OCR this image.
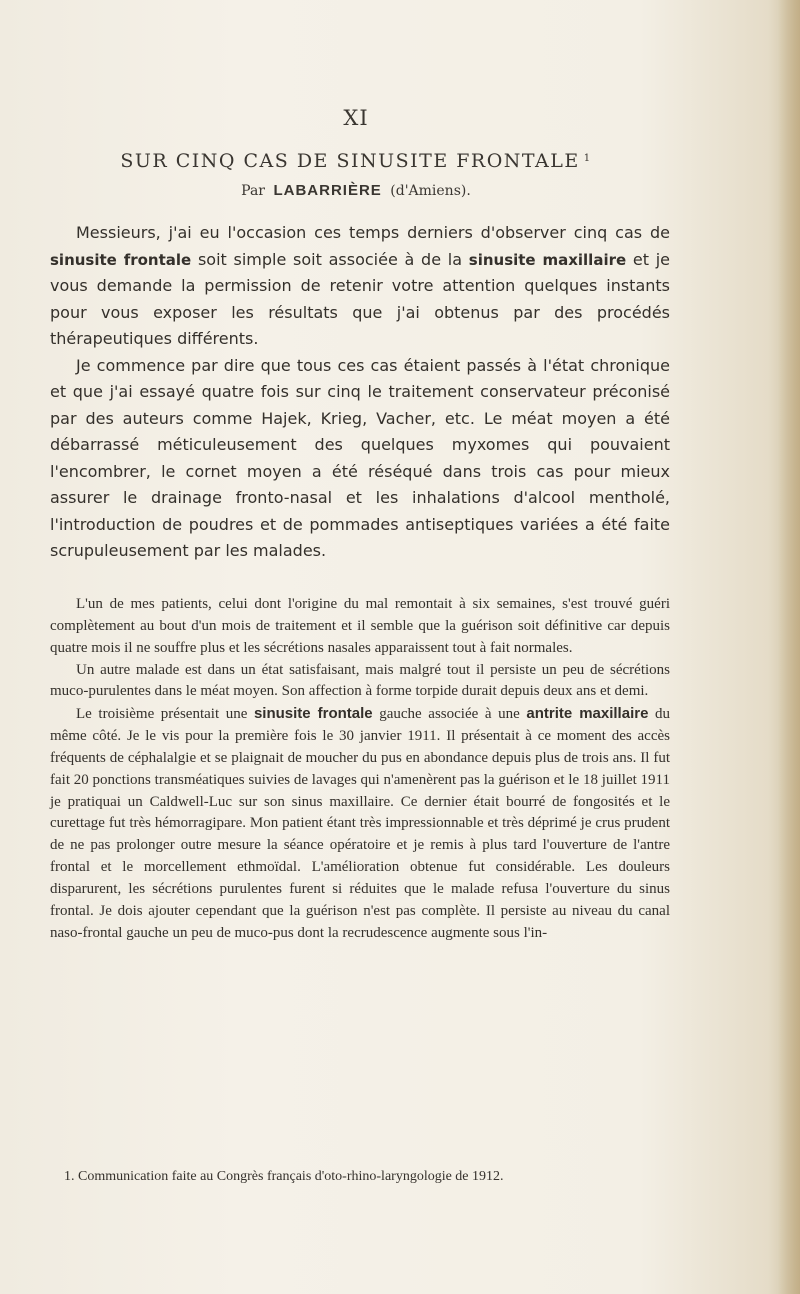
XI
SUR CINQ CAS DE SINUSITE FRONTALE $^1$
Par LABARRIÈRE (d'Amiens).

Messieurs, j'ai eu l'occasion ces temps derniers d'observer cinq cas de sinusite frontale soit simple soit associée à de la sinusite maxillaire et je vous demande la permission de retenir votre attention quelques instants pour vous exposer les résultats que j'ai obtenus par des procédés thérapeutiques différents.

Je commence par dire que tous ces cas étaient passés à l'état chronique et que j'ai essayé quatre fois sur cinq le traitement conservateur préconisé par des auteurs comme Hajek, Krieg, Vacher, etc. Le méat moyen a été débarrassé méticuleusement des quelques myxomes qui pouvaient l'encombrer, le cornet moyen a été réséqué dans trois cas pour mieux assurer le drainage fronto-nasal et les inhalations d'alcool mentholé, l'introduction de poudres et de pommades antiseptiques variées a été faite scrupuleusement par les malades.

L'un de mes patients, celui dont l'origine du mal remontait à six semaines, s'est trouvé guéri complètement au bout d'un mois de traitement et il semble que la guérison soit définitive car depuis quatre mois il ne souffre plus et les sécrétions nasales apparaissent tout à fait normales.

Un autre malade est dans un état satisfaisant, mais malgré tout il persiste un peu de sécrétions muco-purulentes dans le méat moyen. Son affection à forme torpide durait depuis deux ans et demi.

Le troisième présentait une sinusite frontale gauche associée à une antrite maxillaire du même côté. Je le vis pour la première fois le 30 janvier 1911. Il présentait à ce moment des accès fréquents de céphalalgie et se plaignait de moucher du pus en abondance depuis plus de trois ans. Il fut fait 20 ponctions transméatiques suivies de lavages qui n'amenèrent pas la guérison et le 18 juillet 1911 je pratiquai un Caldwell-Luc sur son sinus maxillaire. Ce dernier était bourré de fongosités et le curettage fut très hémorragipare. Mon patient étant très impressionnable et très déprimé je crus prudent de ne pas prolonger outre mesure la séance opératoire et je remis à plus tard l'ouverture de l'antre frontal et le morcellement ethmoïdal. L'amélioration obtenue fut considérable. Les douleurs disparurent, les sécrétions purulentes furent si réduites que le malade refusa l'ouverture du sinus frontal. Je dois ajouter cependant que la guérison n'est pas complète. Il persiste au niveau du canal naso-frontal gauche un peu de muco-pus dont la recrudescence augmente sous l'in-

1. Communication faite au Congrès français d'oto-rhino-laryngologie de 1912.
